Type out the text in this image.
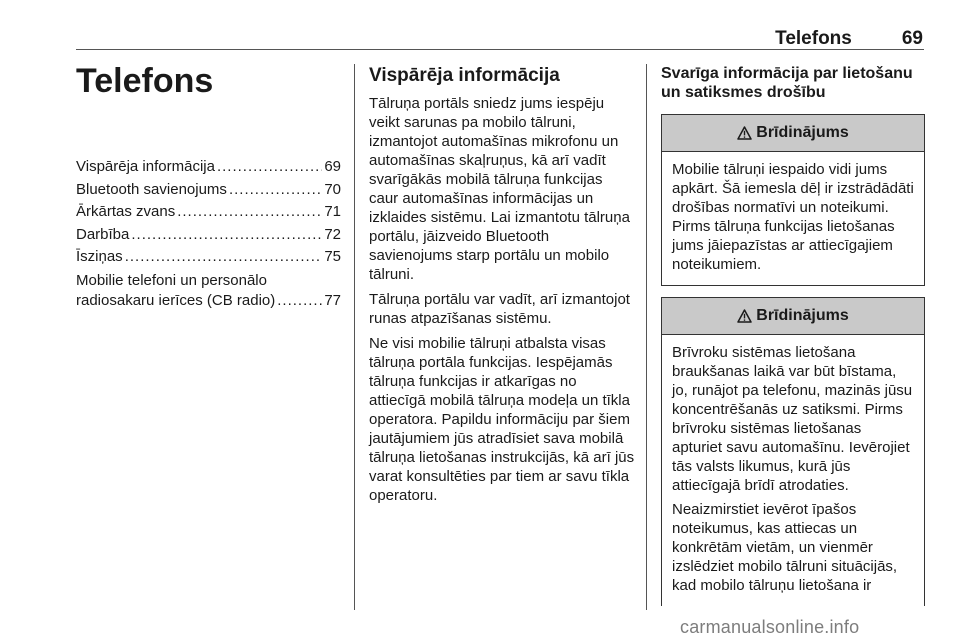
Telefons	69
Telefons
Vispārēja informācija .....	69
Bluetooth savienojums .....	70
Ārkārtas zvans .....	71
Darbība .....	72
Īsziņas .....	75
Mobilie telefoni un personālo
radiosakaru ierīces (CB radio) .....	77
Vispārēja informācija

Tālruņa portāls sniedz jums iespēju veikt sarunas pa mobilo tālruni, izmantojot automašīnas mikrofonu un automašīnas skaļruņus, kā arī vadīt svarīgākās mobilā tālruņa funkcijas caur automašīnas informācijas un izklaides sistēmu. Lai izmantotu tālruņa portālu, jāizveido Bluetooth savienojums starp portālu un mobilo tālruni.

Tālruņa portālu var vadīt, arī izmantojot runas atpazīšanas sistēmu.

Ne visi mobilie tālruņi atbalsta visas tālruņa portāla funkcijas. Iespējamās tālruņa funkcijas ir atkarīgas no attiecīgā mobilā tālruņa modeļa un tīkla operatora. Papildu informāciju par šiem jautājumiem jūs atradīsiet sava mobilā tālruņa lietošanas instrukcijās, kā arī jūs varat konsultēties par tiem ar savu tīkla operatoru.

Svarīga informācija par lietošanu un satiksmes drošību
Brīdinājums

Mobilie tālruņi iespaido vidi jums apkārt. Šā iemesla dēļ ir izstrādādāti drošības normatīvi un noteikumi. Pirms tālruņa funkcijas lietošanas jums jāiepazīstas ar attiecīgajiem noteikumiem.

Brīdinājums

Brīvroku sistēmas lietošana braukšanas laikā var būt bīstama, jo, runājot pa telefonu, mazinās jūsu koncentrēšanās uz satiksmi. Pirms brīvroku sistēmas lietošanas apturiet savu automašīnu. Ievērojiet tās valsts likumus, kurā jūs attiecīgajā brīdī atrodaties.

Neaizmirstiet ievērot īpašos noteikumus, kas attiecas un konkrētām vietām, un vienmēr izslēdziet mobilo tālruni situācijās, kad mobilo tālruņu lietošana ir

carmanualsonline.info
